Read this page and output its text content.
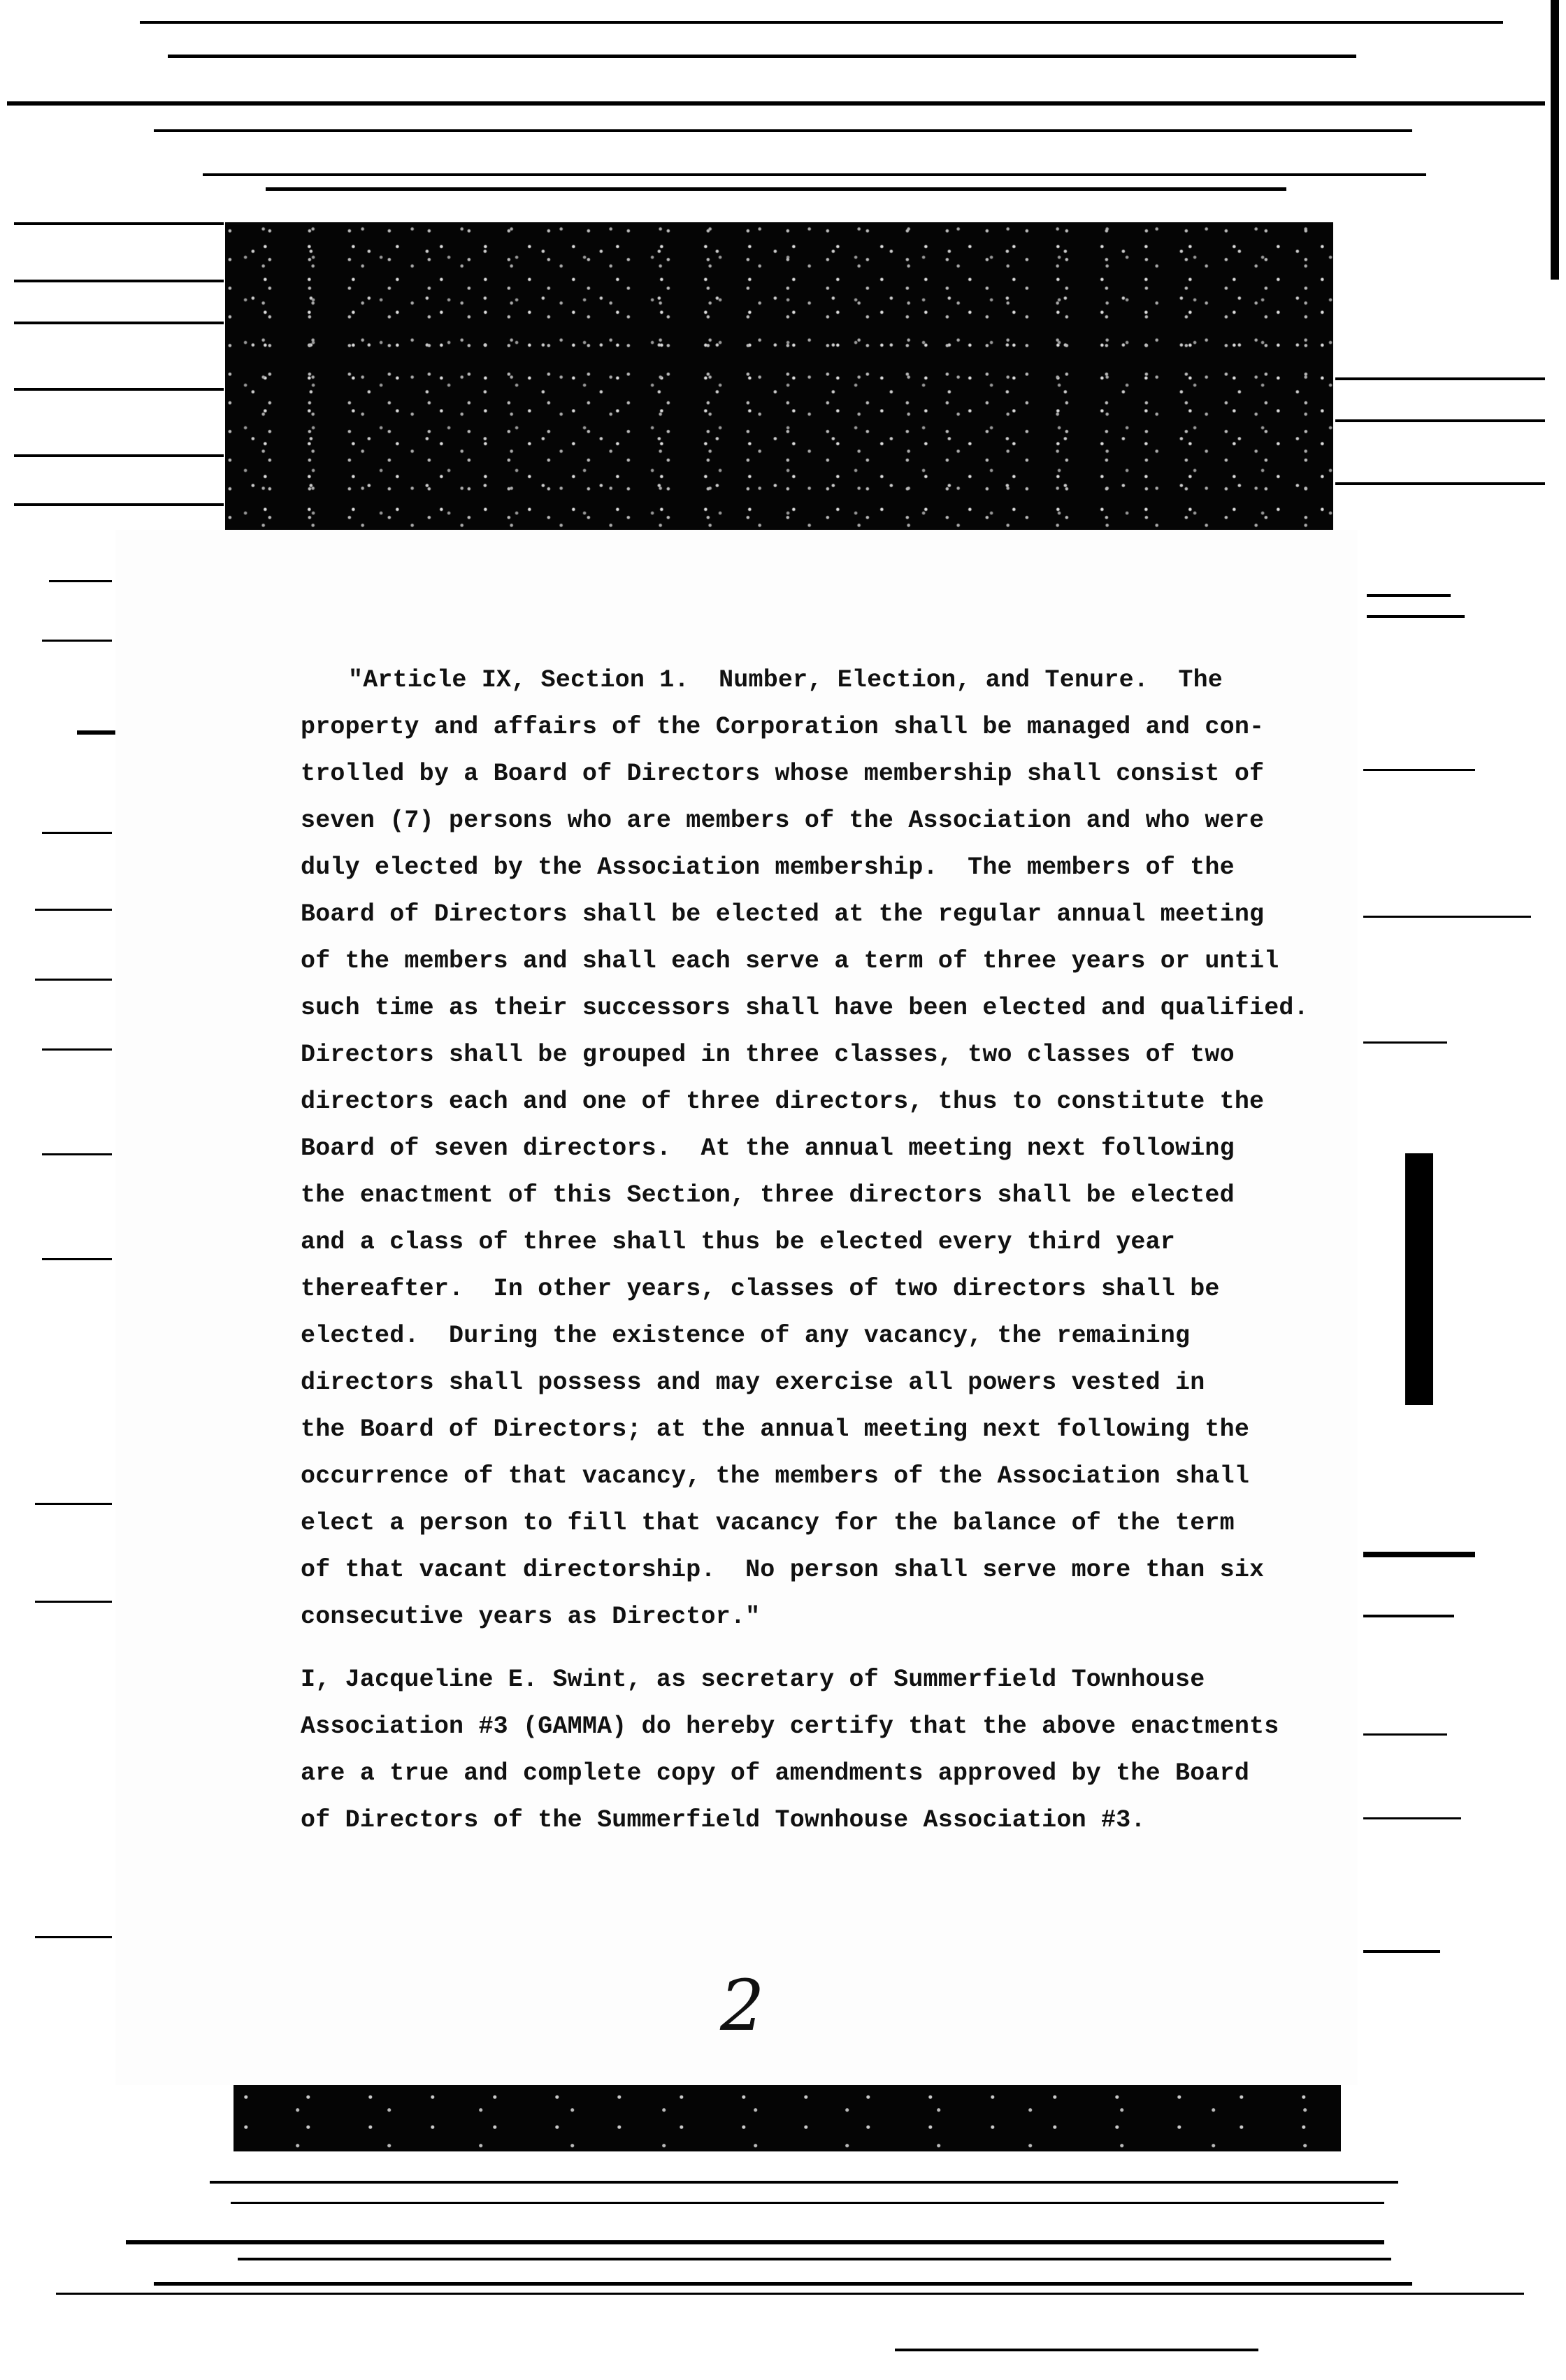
"Article IX, Section 1.  Number, Election, and Tenure.  The
property and affairs of the Corporation shall be managed and con-
trolled by a Board of Directors whose membership shall consist of
seven (7) persons who are members of the Association and who were
duly elected by the Association membership.  The members of the
Board of Directors shall be elected at the regular annual meeting
of the members and shall each serve a term of three years or until
such time as their successors shall have been elected and qualified.
Directors shall be grouped in three classes, two classes of two
directors each and one of three directors, thus to constitute the
Board of seven directors.  At the annual meeting next following
the enactment of this Section, three directors shall be elected
and a class of three shall thus be elected every third year
thereafter.  In other years, classes of two directors shall be
elected.  During the existence of any vacancy, the remaining
directors shall possess and may exercise all powers vested in
the Board of Directors; at the annual meeting next following the
occurrence of that vacancy, the members of the Association shall
elect a person to fill that vacancy for the balance of the term
of that vacant directorship.  No person shall serve more than six
consecutive years as Director."
I, Jacqueline E. Swint, as secretary of Summerfield Townhouse
Association #3 (GAMMA) do hereby certify that the above enactments
are a true and complete copy of amendments approved by the Board
of Directors of the Summerfield Townhouse Association #3.
2
